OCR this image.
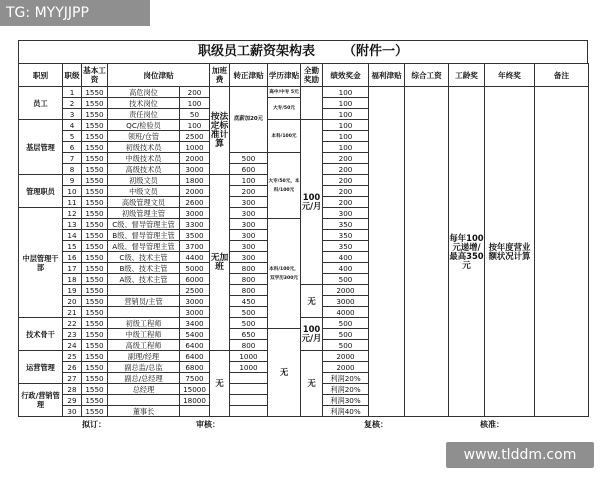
TG: MYYJJPP
职级员工薪资架构表 （附件一）
职别	职级	基本工资	岗位津贴		加班费	转正津贴	学历津贴	全勤奖励	绩效奖金	福利津贴	综合工资	工龄奖	年终奖	备注
员工	1	1550	高危岗位	200	按法定标准计算	底薪加20元	高中/中专 5元		100			每年100元递增/最高350元	按年度营业额状况计算	
	2	1550	技术岗位	100			大专/50元		100					
	3	1550	责任岗位	50					100					
基层管理	4	1550	QC/检验员	100			本科/100元	100元/月	100					
	5	1550	领班/仓管	2500					100					
	6	1550	初级技术员	1000					100					
	7	1550	中级技术员	2000		500	大专/50元，本科/100元		200					
	8	1550	高级技术员	3000		600			200					
管理职员	9	1550	初级文员	1800	无加班	100			200					
	10	1550	中级文员	2000		200			200					
	11	1550	高级管理文员	2600		300			200					
中层管理干部	12	1550	初级管理主管	3000		300			300					
	13	1550	C级、督导管理主管	3300		300	本科/100元，双学历300元		350					
	14	1550	B级、督导管理主管	3500		300			350					
	15	1550	A级、督导管理主管	3700		300			350					
	16	1550	C级、技术主管	4400		300			400					
	17	1550	B级、技术主管	5000		800			400					
	18	1550	A级、技术主管	6000		800			500					
	19	1550		2500		800		无	2000					
	20	1550	营销员/主管	3000		450			3000					
	21	1550		3000		500			4000					
技术骨干	22	1550	初级工程师	3400		500		100元/月	500					
	23	1550	中级工程师	5400		650	无		500					
	24	1550	高级工程师	6400		800			500					
运营管理	25	1550	副理/经理	6400	无	1000		无	2000					
	26	1550	副总监/总监	6800		1000			2000					
	27	1550	副总/总经理	7500					利润20%					
行政/营销管理	28	1550	总经理	15000					利润20%					
	29	1550		18000					利润30%					
	30	1550	董事长						利润40%					
拟订：	审核：	复核：	核准：
www.tlddm.com
